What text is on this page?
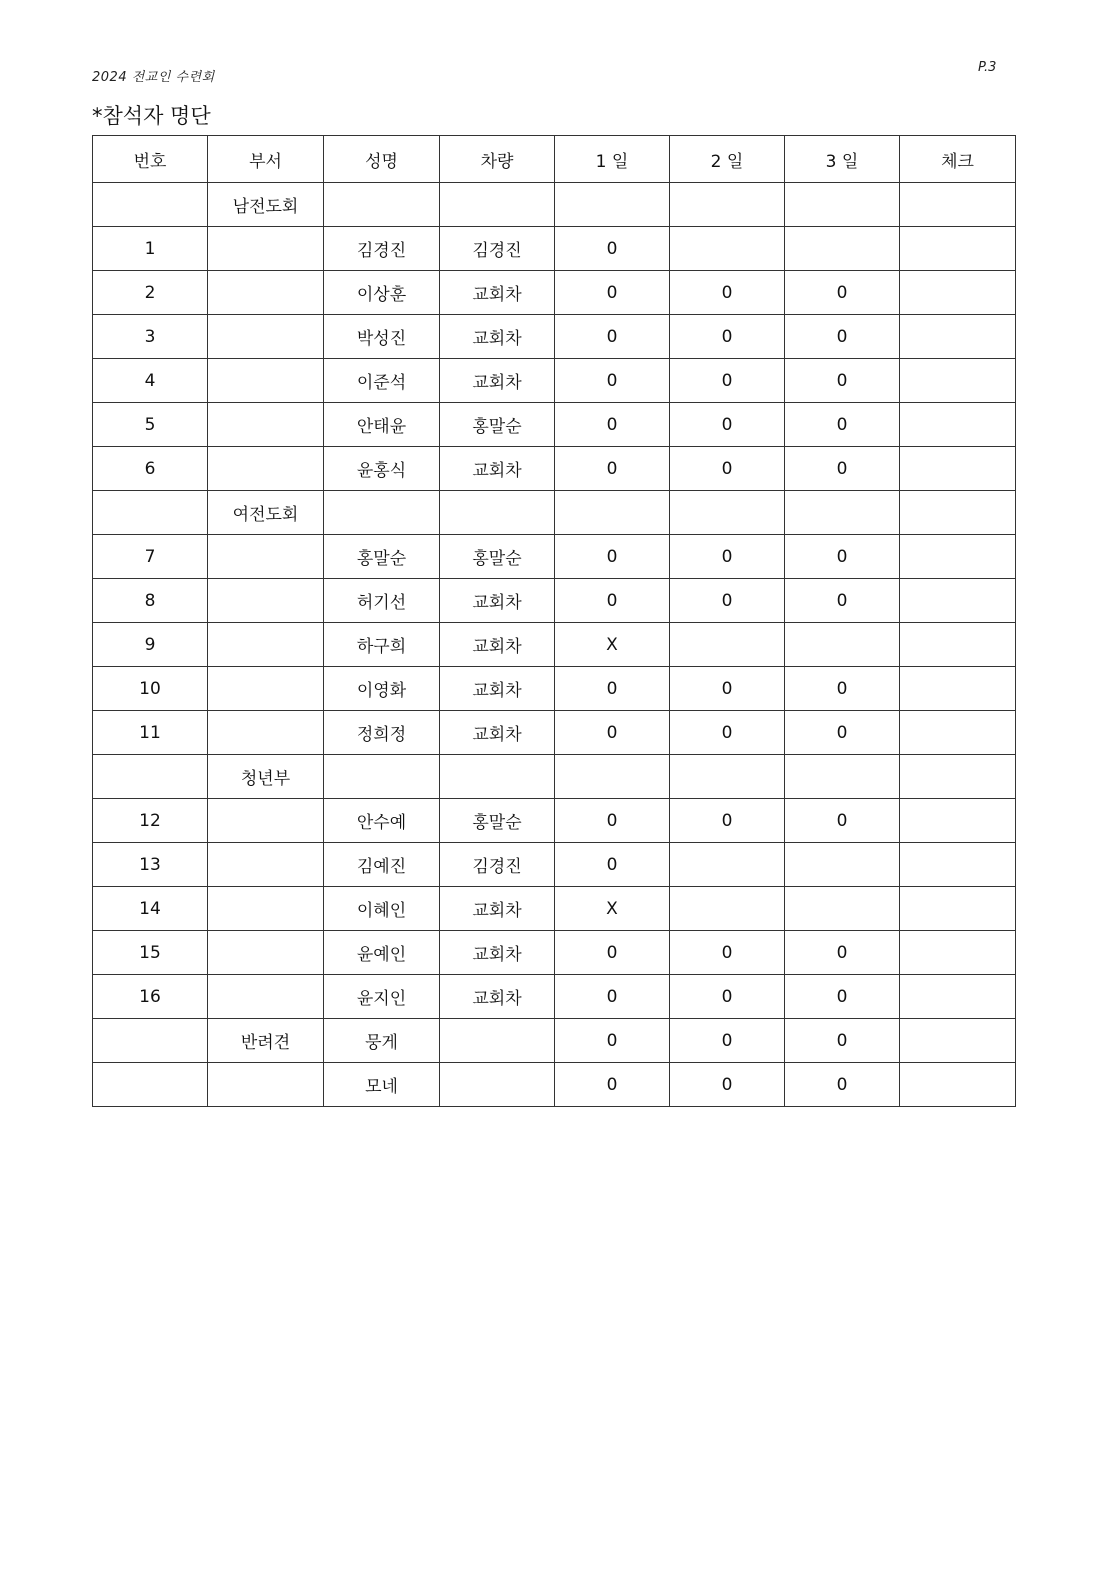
2024 전교인 수련회
P.3
*참석자 명단
번호	부서	성명	차량	1 일	2 일	3 일	체크
	남전도회						
1		김경진	김경진	0			
2		이상훈	교회차	0	0	0	
3		박성진	교회차	0	0	0	
4		이준석	교회차	0	0	0	
5		안태윤	홍말순	0	0	0	
6		윤홍식	교회차	0	0	0	
	여전도회						
7		홍말순	홍말순	0	0	0	
8		허기선	교회차	0	0	0	
9		하구희	교회차	X			
10		이영화	교회차	0	0	0	
11		정희정	교회차	0	0	0	
	청년부						
12		안수예	홍말순	0	0	0	
13		김예진	김경진	0			
14		이혜인	교회차	X			
15		윤예인	교회차	0	0	0	
16		윤지인	교회차	0	0	0	
	반려견	뭉게		0	0	0	
		모네		0	0	0	
